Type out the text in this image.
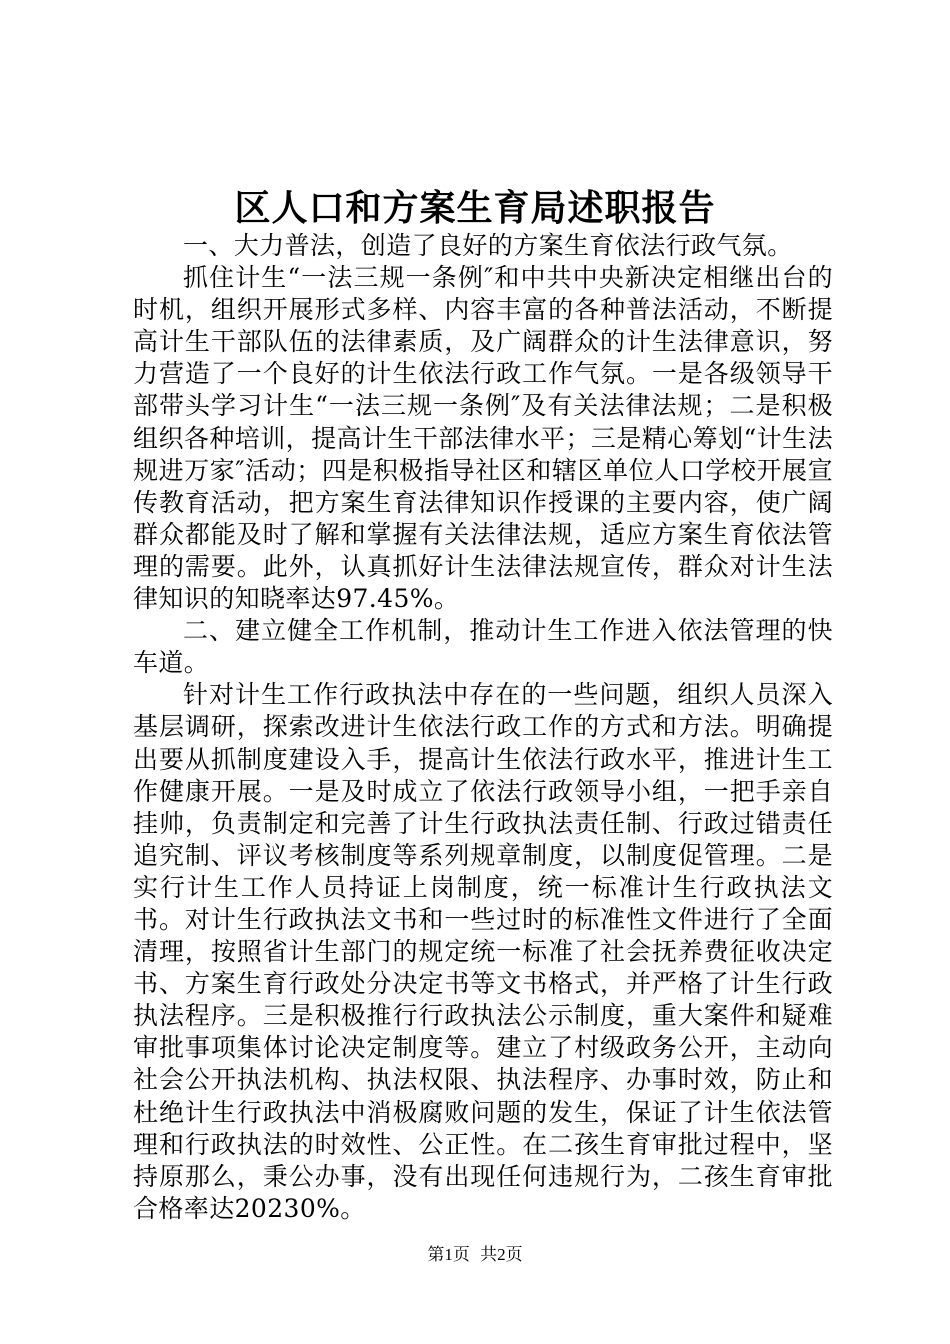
区人口和方案生育局述职报告

一、大力普法，创造了良好的方案生育依法行政气氛。

抓住计生“一法三规一条例″和中共中央新决定相继出台的时机，组织开展形式多样、内容丰富的各种普法活动，不断提高计生干部队伍的法律素质，及广阔群众的计生法律意识，努力营造了一个良好的计生依法行政工作气氛。一是各级领导干部带头学习计生“一法三规一条例″及有关法律法规；二是积极组织各种培训，提高计生干部法律水平；三是精心筹划“计生法规进万家″活动；四是积极指导社区和辖区单位人口学校开展宣传教育活动，把方案生育法律知识作授课的主要内容，使广阔群众都能及时了解和掌握有关法律法规，适应方案生育依法管理的需要。此外，认真抓好计生法律法规宣传，群众对计生法律知识的知晓率达97.45%。

二、建立健全工作机制，推动计生工作进入依法管理的快车道。

针对计生工作行政执法中存在的一些问题，组织人员深入基层调研，探索改进计生依法行政工作的方式和方法。明确提出要从抓制度建设入手，提高计生依法行政水平，推进计生工作健康开展。一是及时成立了依法行政领导小组，一把手亲自挂帅，负责制定和完善了计生行政执法责任制、行政过错责任追究制、评议考核制度等系列规章制度，以制度促管理。二是实行计生工作人员持证上岗制度，统一标准计生行政执法文书。对计生行政执法文书和一些过时的标准性文件进行了全面清理，按照省计生部门的规定统一标准了社会抚养费征收决定书、方案生育行政处分决定书等文书格式，并严格了计生行政执法程序。三是积极推行行政执法公示制度，重大案件和疑难审批事项集体讨论决定制度等。建立了村级政务公开，主动向社会公开执法机构、执法权限、执法程序、办事时效，防止和杜绝计生行政执法中消极腐败问题的发生，保证了计生依法管理和行政执法的时效性、公正性。在二孩生育审批过程中，坚持原那么，秉公办事，没有出现任何违规行为，二孩生育审批合格率达20230%。

第1页 共2页
